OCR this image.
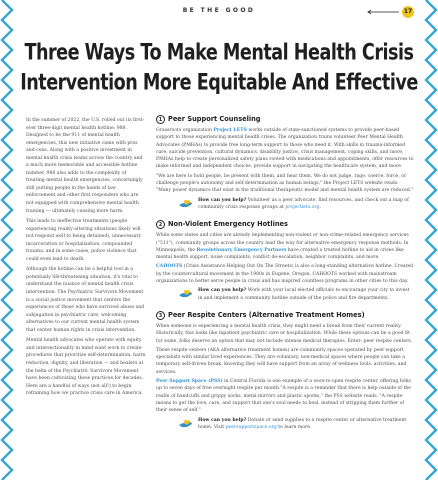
BE THE GOOD	17
Three Ways To Make Mental Health Crisis
Intervention More Equitable And Effective

In the summer of 2022, the U.S. rolled out its first-ever three-digit mental health hotline: 988. Designed to be the 911 of mental health emergencies, this new initiative came with pros and cons. Along with a positive investment in mental health crisis teams across the country and a much more memorable and accessible hotline number, 988 also adds to the complexity of treating mental health emergencies, concerningly still putting people in the hands of law enforcement and other first responders who are not equipped with comprehensive mental health training — ultimately causing more harm.

This leads to ineffective treatments (people experiencing reality-altering situations likely will not respond well to being detained), unnecessary incarceration or hospitalization, compounded trauma, and in some cases, police violence that could even lead to death.

Although the hotline can be a helpful tool in a potentially life-threatening situation, it's vital to understand the nuance of mental health crisis intervention. The Psychiatric Survivors Movement is a social justice movement that centers the experiences of those who have survived abuse and subjugation in psychiatric care, welcoming alternatives to our current mental health system that center human rights in crisis intervention.

Mental health advocates who operate with equity and intersectionality in mind want work to create procedures that prioritize self-determination, harm reduction, dignity, and liberation — and healers at the helm of the Psychiatric Survivors Movement have been cultivating these practices for decades. Here are a handful of ways (not all!) to begin reframing how we practice crisis care in America.

1 Peer Support Counseling

Grassroots organization Project LETS works outside of state-sanctioned systems to provide peer-based support to those experiencing mental health crises. The organization trains volunteer Peer Mental Health Advocates (PMHAs) to provide free long-term support to those who need it. With skills in trauma-informed care, suicide prevention, cultural dynamics, disability justice, crisis management, coping skills, and more, PMHAs help to create personalized safety plans rooted with medications and appointments, offer resources to make informed and independent choices, provide support in navigating the healthcare system, and more.

"We are here to hold people, be present with them, and hear them. We do not judge, rage, coerce, force, or challenge people's autonomy and self-determination as human beings," the Project LETS website reads. "Many power dynamics that exist in the traditional therapeutic model and mental health system are reduced."

How can you help? Volunteer as a peer advocate, find resources, and check out a map of community crisis response groups at projectlets.org.

2 Non-Violent Emergency Hotlines

While some states and cities are already implementing non-violent or non-crime-related emergency services ("311"), community groups across the country lead the way for alternative emergency response methods. In Minneapolis, the Revolutionary Emergency Partners have created a trusted hotline to aid in crises like mental health support, noise complaints, conflict de-escalation, neighbor complaints, and more.

CAHOOTS (Crisis Assistance Helping Out On The Streets) is also a long-standing alternative hotline. Created by the countercultural movement in the 1980s in Eugene, Oregon, CAHOOTS worked with mainstream organizations to better serve people in crisis and has inspired countless programs in other cities to this day.

How can you help? Work with your local elected officials to encourage your city to invest in and implement a community hotline outside of the police and fire departments.

3 Peer Respite Centers (Alternative Treatment Homes)

When someone is experiencing a mental health crisis, they might need a break from their current reality. Historically, this looks like inpatient psychiatric care or hospitalization. While these options can be a good fit for some, folks deserve an option that may not include intense medical therapies. Enter: peer respite centers.

These respite centers (AKA alternative treatment homes) are community spaces operated by peer support specialists with similar lived experiences. They are voluntary, non-medical spaces where people can take a temporary self-driven break, knowing they will have support from an array of wellness tools, activities, and services.

Peer Support Space (PSS) in Central Florida is one example of a soon-to-open respite center, offering folks up to seven days of free overnight respite per month."A respite is a reminder that there is help outside of the realm of handcuffs and grippy socks, metal mirrors and plastic sporks," the PSS website reads. "A respite means to get the love, care, and support that one's soul needs to heal, instead of stripping them further of their sense of self."

How can you help? Donate or send supplies to a respite center or alternative treatment home. Visit peersupportspace.org to learn more.
